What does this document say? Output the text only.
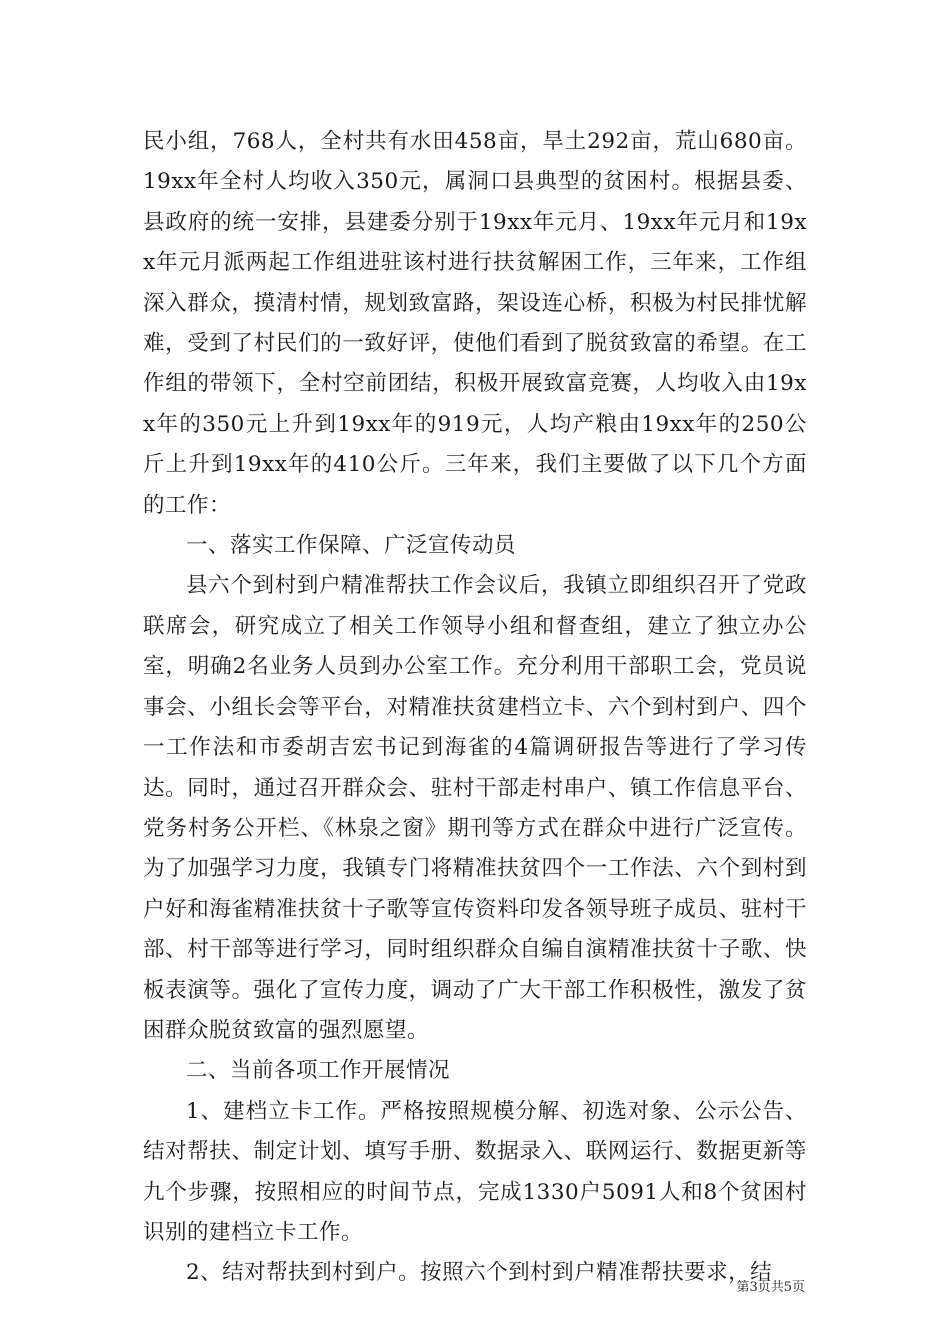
民小组，768人，全村共有水田458亩，旱土292亩，荒山680亩。19xx年全村人均收入350元，属洞口县典型的贫困村。根据县委、县政府的统一安排，县建委分别于19xx年元月、19xx年元月和19xx年元月派两起工作组进驻该村进行扶贫解困工作，三年来，工作组深入群众，摸清村情，规划致富路，架设连心桥，积极为村民排忧解难，受到了村民们的一致好评，使他们看到了脱贫致富的希望。在工作组的带领下，全村空前团结，积极开展致富竞赛，人均收入由19xx年的350元上升到19xx年的919元，人均产粮由19xx年的250公斤上升到19xx年的410公斤。三年来，我们主要做了以下几个方面的工作：

一、落实工作保障、广泛宣传动员

县六个到村到户精准帮扶工作会议后，我镇立即组织召开了党政联席会，研究成立了相关工作领导小组和督查组，建立了独立办公室，明确2名业务人员到办公室工作。充分利用干部职工会，党员说事会、小组长会等平台，对精准扶贫建档立卡、六个到村到户、四个一工作法和市委胡吉宏书记到海雀的4篇调研报告等进行了学习传达。同时，通过召开群众会、驻村干部走村串户、镇工作信息平台、党务村务公开栏、《林泉之窗》期刊等方式在群众中进行广泛宣传。为了加强学习力度，我镇专门将精准扶贫四个一工作法、六个到村到户好和海雀精准扶贫十子歌等宣传资料印发各领导班子成员、驻村干部、村干部等进行学习，同时组织群众自编自演精准扶贫十子歌、快板表演等。强化了宣传力度，调动了广大干部工作积极性，激发了贫困群众脱贫致富的强烈愿望。

二、当前各项工作开展情况

1、建档立卡工作。严格按照规模分解、初选对象、公示公告、结对帮扶、制定计划、填写手册、数据录入、联网运行、数据更新等九个步骤，按照相应的时间节点，完成1330户5091人和8个贫困村识别的建档立卡工作。

2、结对帮扶到村到户。按照六个到村到户精准帮扶要求，结

第3页共5页
